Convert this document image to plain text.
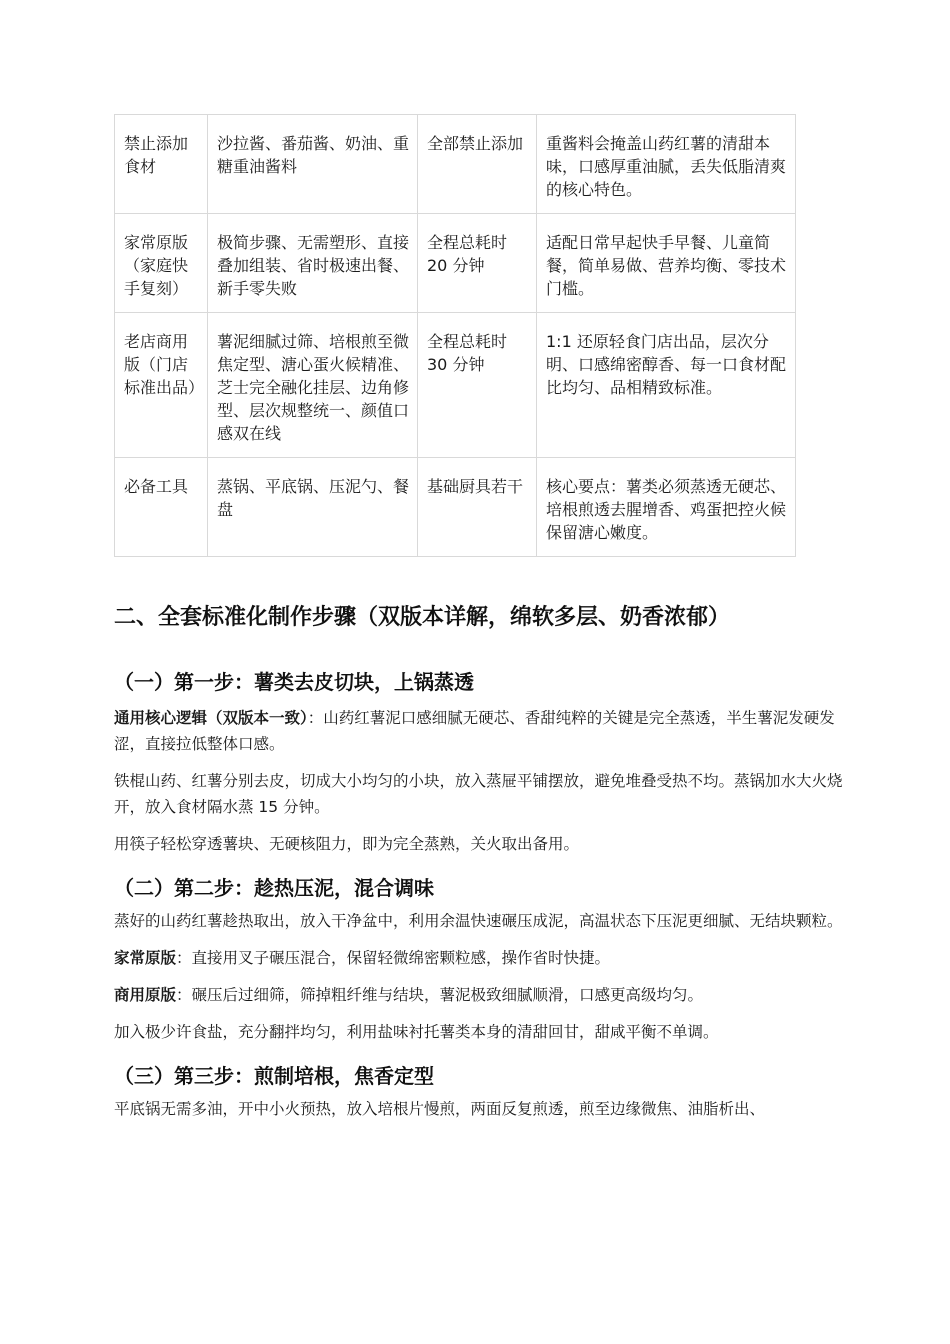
禁止添加食材	沙拉酱、番茄酱、奶油、重糖重油酱料	全部禁止添加	重酱料会掩盖山药红薯的清甜本味，口感厚重油腻，丢失低脂清爽的核心特色。
家常原版（家庭快手复刻）	极简步骤、无需塑形、直接叠加组装、省时极速出餐、新手零失败	全程总耗时 20 分钟	适配日常早起快手早餐、儿童简餐，简单易做、营养均衡、零技术门槛。
老店商用版（门店标准出品）	薯泥细腻过筛、培根煎至微焦定型、溏心蛋火候精准、芝士完全融化挂层、边角修型、层次规整统一、颜值口感双在线	全程总耗时 30 分钟	1:1 还原轻食门店出品，层次分明、口感绵密醇香、每一口食材配比均匀、品相精致标准。
必备工具	蒸锅、平底锅、压泥勺、餐盘	基础厨具若干	核心要点：薯类必须蒸透无硬芯、培根煎透去腥增香、鸡蛋把控火候保留溏心嫩度。
二、全套标准化制作步骤（双版本详解，绵软多层、奶香浓郁）
（一）第一步：薯类去皮切块，上锅蒸透

通用核心逻辑（双版本一致）：山药红薯泥口感细腻无硬芯、香甜纯粹的关键是完全蒸透，半生薯泥发硬发涩，直接拉低整体口感。

铁棍山药、红薯分别去皮，切成大小均匀的小块，放入蒸屉平铺摆放，避免堆叠受热不均。蒸锅加水大火烧开，放入食材隔水蒸 15 分钟。

用筷子轻松穿透薯块、无硬核阻力，即为完全蒸熟，关火取出备用。

（二）第二步：趁热压泥，混合调味

蒸好的山药红薯趁热取出，放入干净盆中，利用余温快速碾压成泥，高温状态下压泥更细腻、无结块颗粒。

家常原版：直接用叉子碾压混合，保留轻微绵密颗粒感，操作省时快捷。

商用原版：碾压后过细筛，筛掉粗纤维与结块，薯泥极致细腻顺滑，口感更高级均匀。

加入极少许食盐，充分翻拌均匀，利用盐味衬托薯类本身的清甜回甘，甜咸平衡不单调。

（三）第三步：煎制培根，焦香定型

平底锅无需多油，开中小火预热，放入培根片慢煎，两面反复煎透，煎至边缘微焦、油脂析出、
